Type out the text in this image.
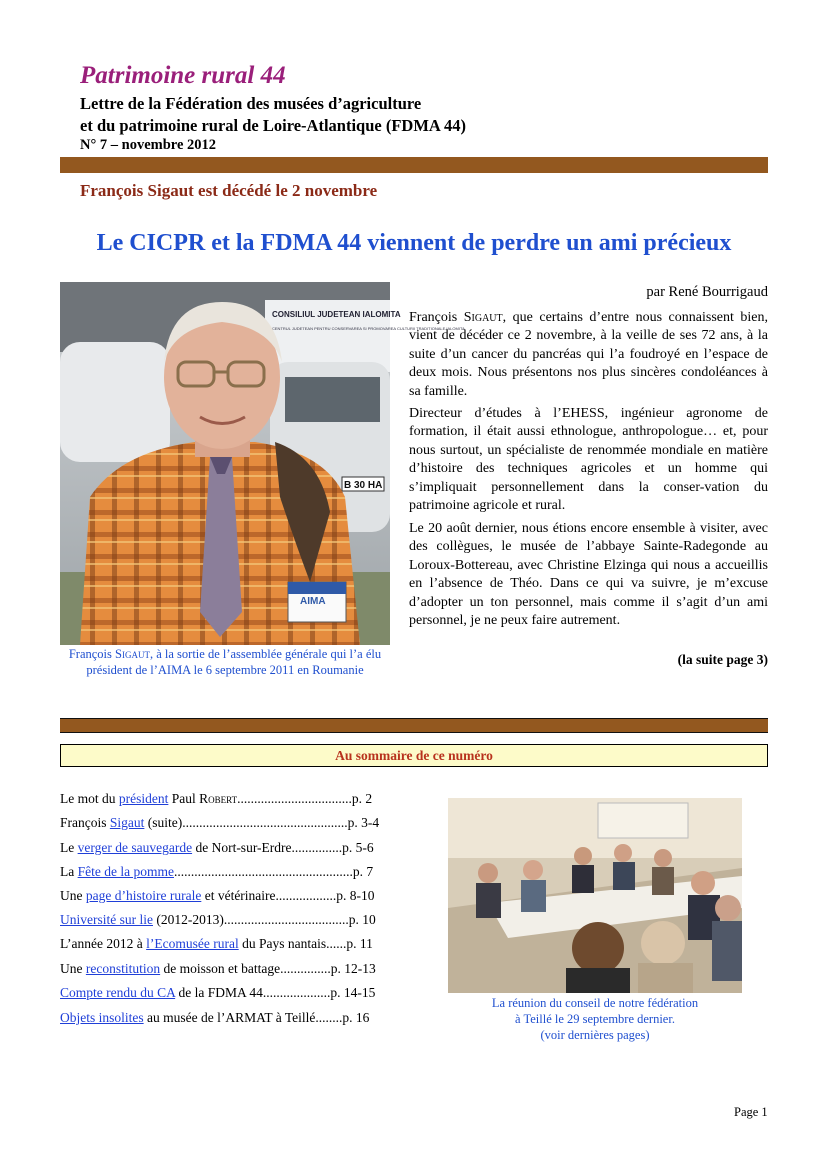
Patrimoine rural 44
Lettre de la Fédération des musées d’agriculture
et du patrimoine rural de Loire-Atlantique (FDMA 44)
N° 7 – novembre 2012
François Sigaut est décédé le 2 novembre
Le CICPR et la FDMA 44 viennent de perdre un ami précieux
CONSILIUL JUDETEAN IALOMITA
CENTRUL JUDETEAN PENTRU CONSERVAREA SI PROMOVAREA CULTURII TRADITIONALE IALOMITA
B 30 HA
AIMA
François Sigaut, à la sortie de l’assemblée générale qui l’a élu président de l’AIMA le 6 septembre 2011 en Roumanie
par René Bourrigaud
François Sigaut, que certains d’entre nous connaissent bien, vient de décéder ce 2 novembre, à la veille de ses 72 ans, à la suite d’un cancer du pancréas qui l’a foudroyé en l’espace de deux mois. Nous présentons nos plus sincères condoléances à sa famille.
Directeur d’études à l’EHESS, ingénieur agronome de formation, il était aussi ethnologue, anthropologue… et, pour nous surtout, un spécialiste de renommée mondiale en matière d’histoire des techniques agricoles et un homme qui s’impliquait personnellement dans la conser-vation du patrimoine agricole et rural.
Le 20 août dernier, nous étions encore ensemble à visiter, avec des collègues, le musée de l’abbaye Sainte-Radegonde au Loroux-Bottereau, avec Christine Elzinga qui nous a accueillis en l’absence de Théo. Dans ce qui va suivre, je m’excuse d’adopter un ton personnel, mais comme il s’agit d’un ami personnel, je ne peux faire autrement.
(la suite page 3)
Au sommaire de ce numéro
Le mot du président Paul Robert..................................p. 2
François Sigaut (suite).................................................p. 3-4
Le verger de sauvegarde de Nort-sur-Erdre...............p. 5-6
La Fête de la pomme.....................................................p. 7
Une page d’histoire rurale et vétérinaire..................p. 8-10
Université sur lie (2012-2013).....................................p. 10
L’année 2012 à l’Ecomusée rural du Pays nantais......p. 11
Une reconstitution de moisson et battage...............p. 12-13
Compte rendu du CA de la FDMA 44....................p. 14-15
Objets insolites au musée de l’ARMAT à Teillé........p. 16
La réunion du conseil de notre fédération
à Teillé le 29 septembre dernier.
(voir dernières pages)
Page 1
